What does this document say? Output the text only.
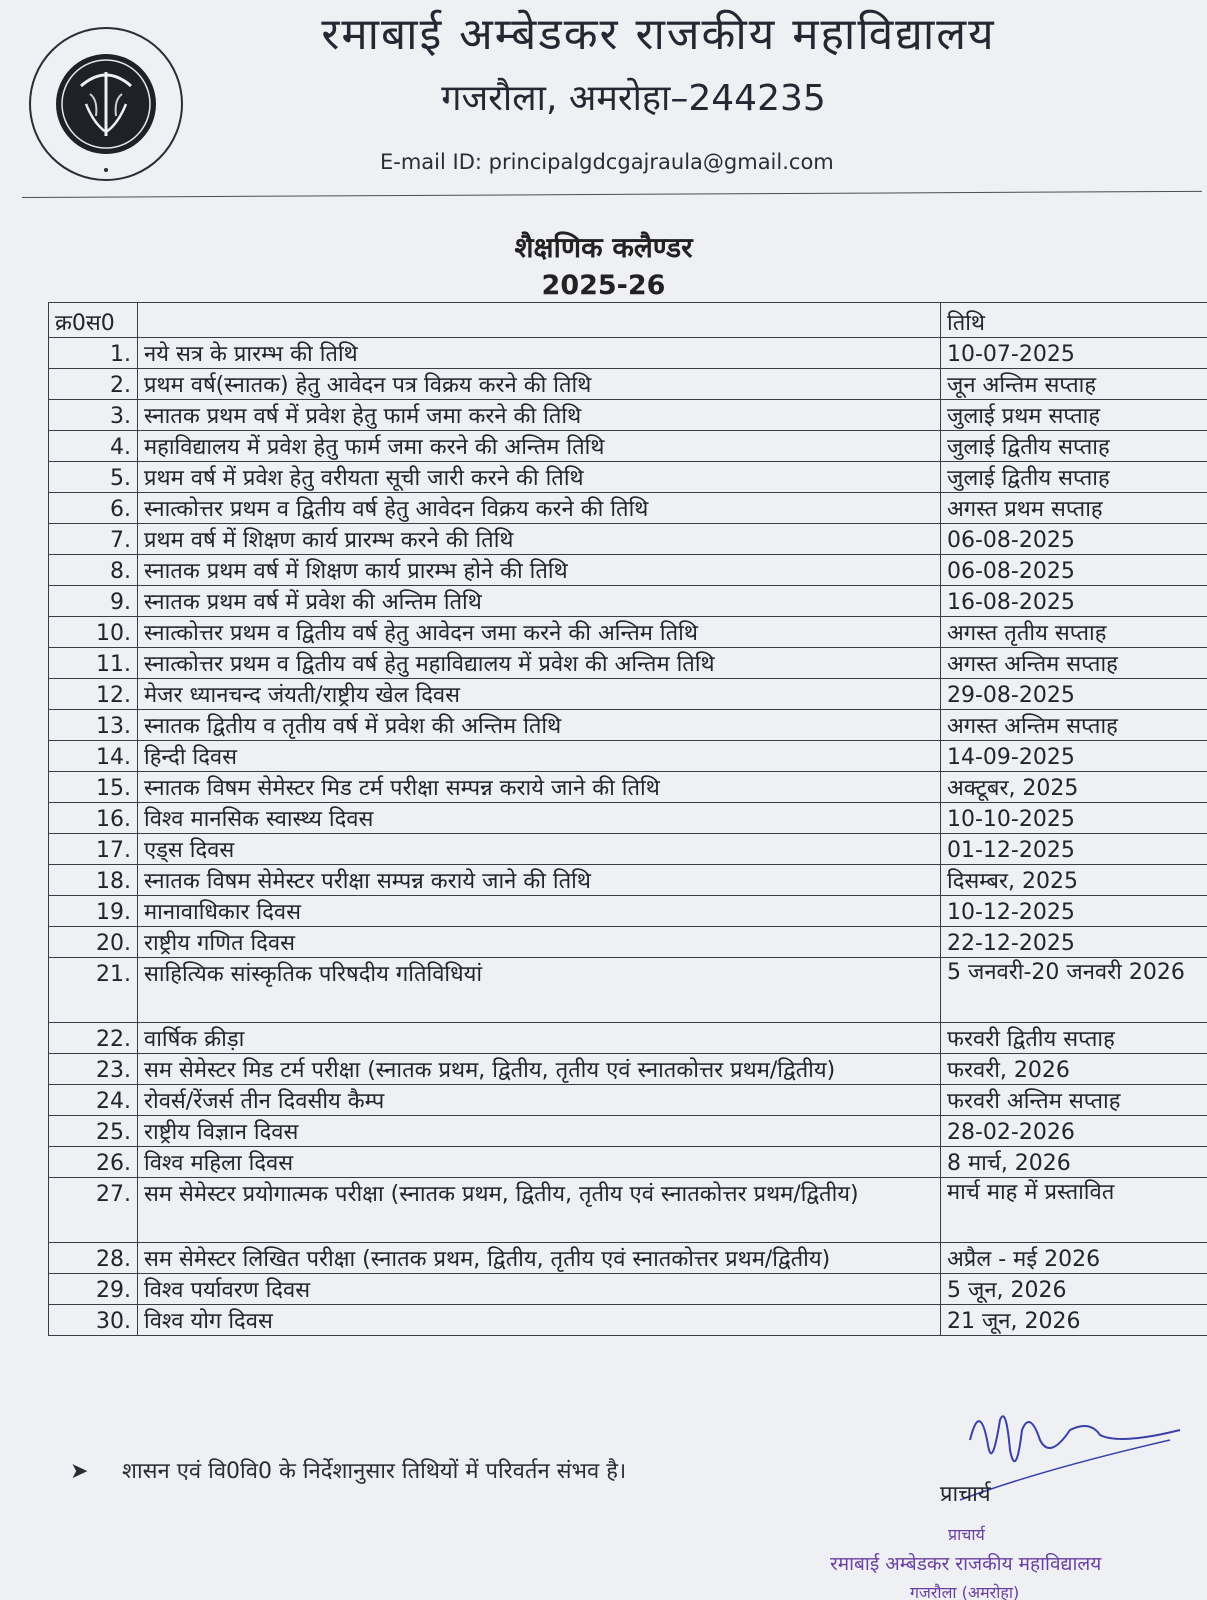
रमाबाई अम्बेडकर राजकीय महाविद्यालय
गजरौला, अमरोहा–244235
E-mail ID: principalgdcgajraula@gmail.com
शैक्षणिक कलैण्डर
2025-26
क्र0स0		तिथि
1.	नये सत्र के प्रारम्भ की तिथि	10-07-2025
2.	प्रथम वर्ष(स्नातक) हेतु आवेदन पत्र विक्रय करने की तिथि	जून अन्तिम सप्ताह
3.	स्नातक प्रथम वर्ष में प्रवेश हेतु फार्म जमा करने की तिथि	जुलाई प्रथम सप्ताह
4.	महाविद्यालय में प्रवेश हेतु फार्म जमा करने की अन्तिम तिथि	जुलाई द्वितीय सप्ताह
5.	प्रथम वर्ष में प्रवेश हेतु वरीयता सूची जारी करने की तिथि	जुलाई द्वितीय सप्ताह
6.	स्नात्कोत्तर प्रथम व द्वितीय वर्ष हेतु आवेदन विक्रय करने की तिथि	अगस्त प्रथम सप्ताह
7.	प्रथम वर्ष में शिक्षण कार्य प्रारम्भ करने की तिथि	06-08-2025
8.	स्नातक प्रथम वर्ष में शिक्षण कार्य प्रारम्भ होने की तिथि	06-08-2025
9.	स्नातक प्रथम वर्ष में प्रवेश की अन्तिम तिथि	16-08-2025
10.	स्नात्कोत्तर प्रथम व द्वितीय वर्ष हेतु आवेदन जमा करने की अन्तिम तिथि	अगस्त तृतीय सप्ताह
11.	स्नात्कोत्तर प्रथम व द्वितीय वर्ष हेतु महाविद्यालय में प्रवेश की अन्तिम तिथि	अगस्त अन्तिम सप्ताह
12.	मेजर ध्यानचन्द जंयती/राष्ट्रीय खेल दिवस	29-08-2025
13.	स्नातक द्वितीय व तृतीय वर्ष में प्रवेश की अन्तिम तिथि	अगस्त अन्तिम सप्ताह
14.	हिन्दी दिवस	14-09-2025
15.	स्नातक विषम सेमेस्टर मिड टर्म परीक्षा सम्पन्न कराये जाने की तिथि	अक्टूबर, 2025
16.	विश्व मानसिक स्वास्थ्य दिवस	10-10-2025
17.	एड्स दिवस	01-12-2025
18.	स्नातक विषम सेमेस्टर परीक्षा सम्पन्न कराये जाने की तिथि	दिसम्बर, 2025
19.	मानावाधिकार दिवस	10-12-2025
20.	राष्ट्रीय गणित दिवस	22-12-2025
21.	साहित्यिक सांस्कृतिक परिषदीय गतिविधियां	5 जनवरी-20 जनवरी 2026
22.	वार्षिक क्रीड़ा	फरवरी द्वितीय सप्ताह
23.	सम सेमेस्टर मिड टर्म परीक्षा (स्नातक प्रथम, द्वितीय, तृतीय एवं स्नातकोत्तर प्रथम/द्वितीय)	फरवरी, 2026
24.	रोवर्स/रेंजर्स तीन दिवसीय कैम्प	फरवरी अन्तिम सप्ताह
25.	राष्ट्रीय विज्ञान दिवस	28-02-2026
26.	विश्व महिला दिवस	8 मार्च, 2026
27.	सम सेमेस्टर प्रयोगात्मक परीक्षा (स्नातक प्रथम, द्वितीय, तृतीय एवं स्नातकोत्तर प्रथम/द्वितीय)	मार्च माह में प्रस्तावित
28.	सम सेमेस्टर लिखित परीक्षा (स्नातक प्रथम, द्वितीय, तृतीय एवं स्नातकोत्तर प्रथम/द्वितीय)	अप्रैल - मई 2026
29.	विश्व पर्यावरण दिवस	5 जून, 2026
30.	विश्व योग दिवस	21 जून, 2026
➤ शासन एवं वि0वि0 के निर्देशानुसार तिथियों में परिवर्तन संभव है।
प्राचार्य
प्राचार्य
रमाबाई अम्बेडकर राजकीय महाविद्यालय
गजरौला (अमरोहा)
